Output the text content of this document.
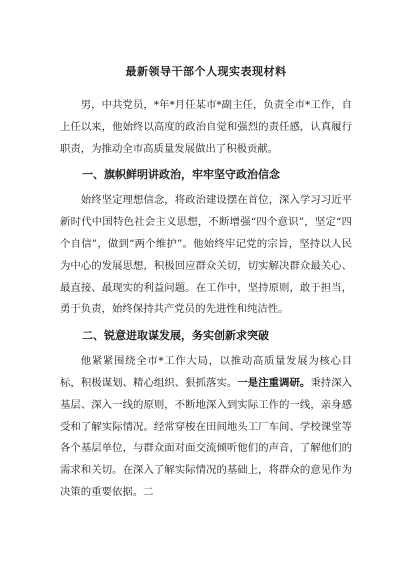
最新领导干部个人现实表现材料

男，中共党员，*年*月任某市*副主任，负责全市*工作，自上任以来，他始终以高度的政治自觉和强烈的责任感，认真履行职责，为推动全市高质量发展做出了积极贡献。

一、旗帜鲜明讲政治，牢牢坚守政治信念

始终坚定理想信念，将政治建设摆在首位，深入学习习近平新时代中国特色社会主义思想，不断增强“四个意识”，坚定“四个自信”，做到“两个维护”。他始终牢记党的宗旨，坚持以人民为中心的发展思想，积极回应群众关切，切实解决群众最关心、最直接、最现实的利益问题。在工作中，坚持原则，敢于担当，勇于负责，始终保持共产党员的先进性和纯洁性。

二、锐意进取谋发展，务实创新求突破

他紧紧围绕全市*工作大局，以推动高质量发展为核心目标，积极谋划、精心组织、狠抓落实。一是注重调研。秉持深入基层、深入一线的原则，不断地深入到实际工作的一线，亲身感受和了解实际情况。经常穿梭在田间地头工厂车间、学校课堂等各个基层单位，与群众面对面交流倾听他们的声音，了解他们的需求和关切。在深入了解实际情况的基础上，将群众的意见作为决策的重要依据。二
